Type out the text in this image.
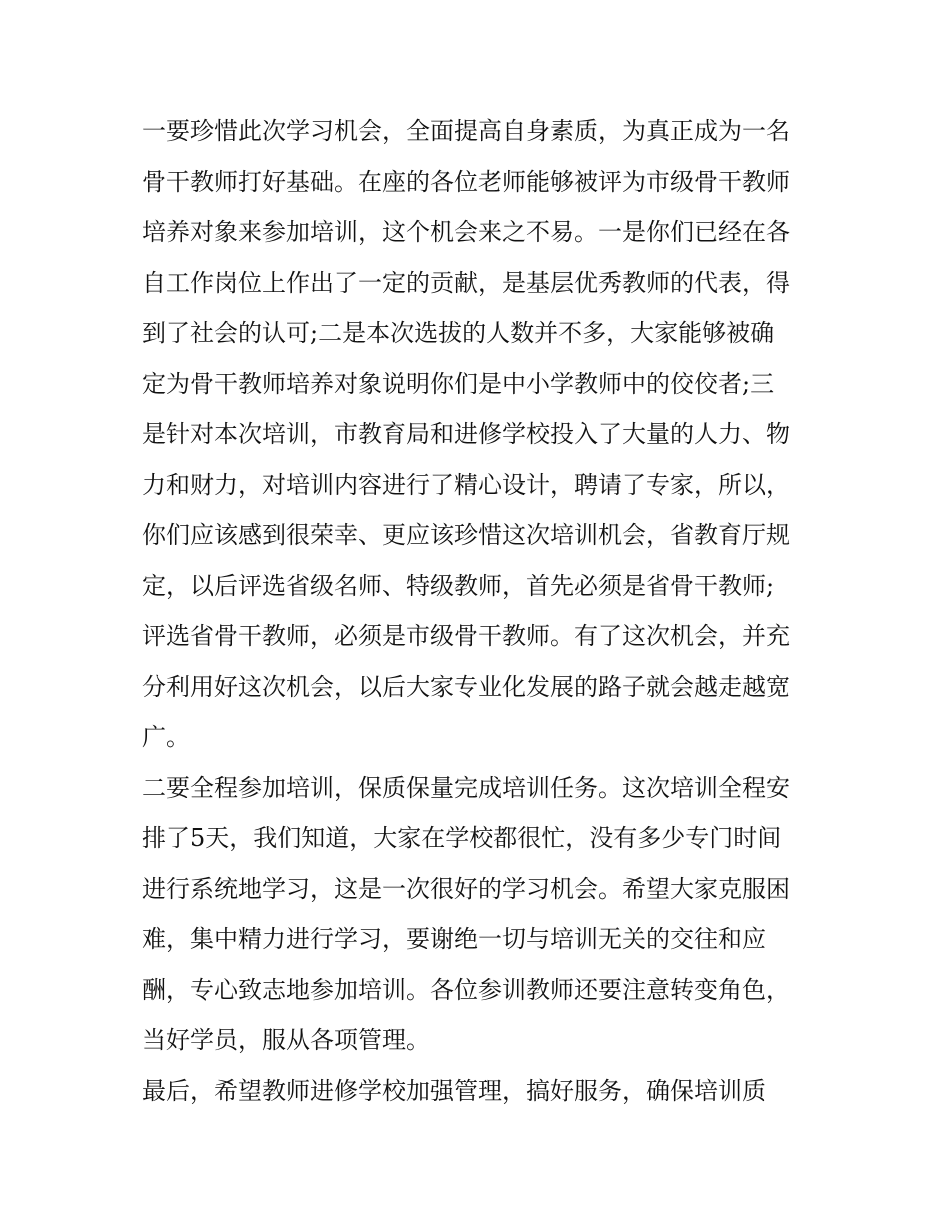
一要珍惜此次学习机会，全面提高自身素质，为真正成为一名
骨干教师打好基础。在座的各位老师能够被评为市级骨干教师
培养对象来参加培训，这个机会来之不易。一是你们已经在各
自工作岗位上作出了一定的贡献，是基层优秀教师的代表，得
到了社会的认可;二是本次选拔的人数并不多，大家能够被确
定为骨干教师培养对象说明你们是中小学教师中的佼佼者;三
是针对本次培训，市教育局和进修学校投入了大量的人力、物
力和财力，对培训内容进行了精心设计，聘请了专家，所以，
你们应该感到很荣幸、更应该珍惜这次培训机会，省教育厅规
定，以后评选省级名师、特级教师，首先必须是省骨干教师;
评选省骨干教师，必须是市级骨干教师。有了这次机会，并充
分利用好这次机会，以后大家专业化发展的路子就会越走越宽
广。
二要全程参加培训，保质保量完成培训任务。这次培训全程安
排了5天，我们知道，大家在学校都很忙，没有多少专门时间
进行系统地学习，这是一次很好的学习机会。希望大家克服困
难，集中精力进行学习，要谢绝一切与培训无关的交往和应
酬，专心致志地参加培训。各位参训教师还要注意转变角色，
当好学员，服从各项管理。
最后，希望教师进修学校加强管理，搞好服务，确保培训质
